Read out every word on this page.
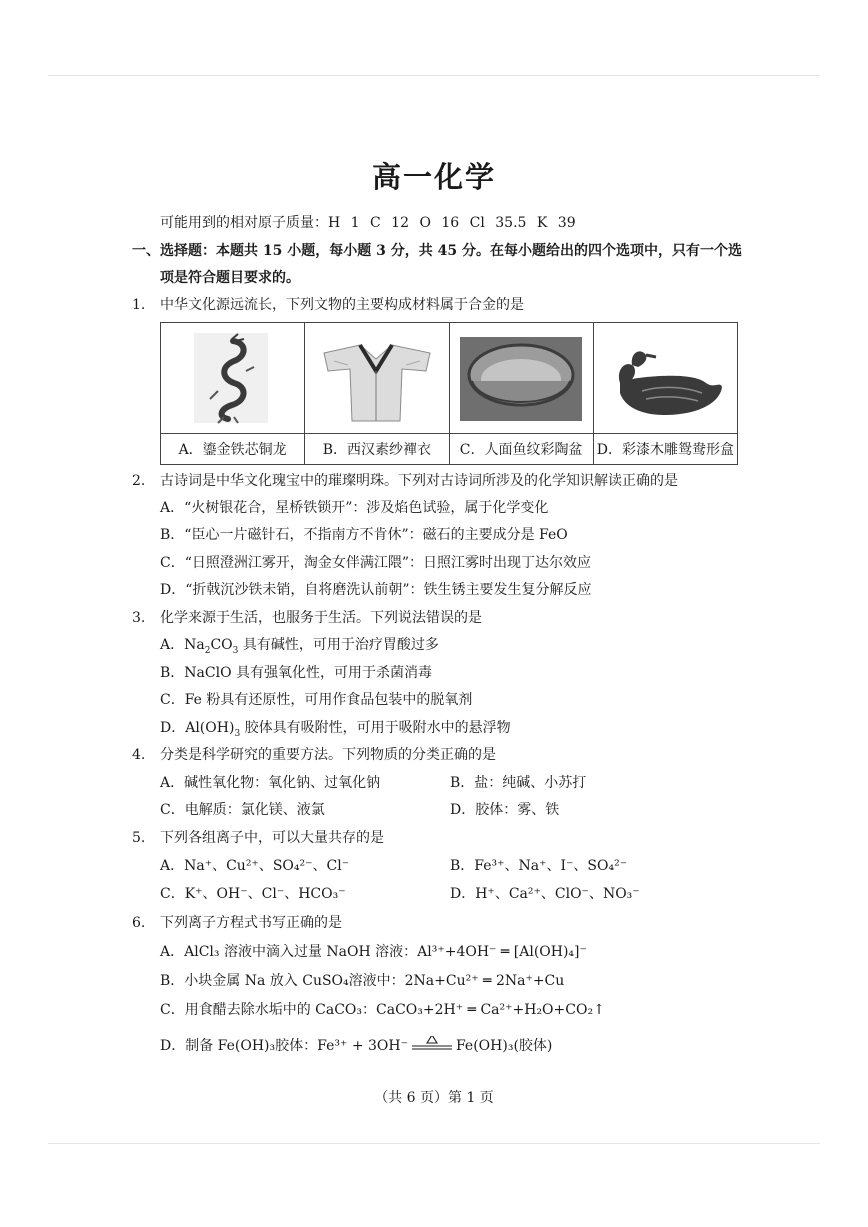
高一化学
可能用到的相对原子质量：H 1 C 12 O 16 Cl 35.5 K 39
一、选择题：本题共 15 小题，每小题 3 分，共 45 分。在每小题给出的四个选项中，只有一个选
项是符合题目要求的。
1. 中华文化源远流长，下列文物的主要构成材料属于合金的是

A．鎏金铁芯铜龙	B．西汉素纱襌衣	C．人面鱼纹彩陶盆	D．彩漆木雕鸳鸯形盒
2. 古诗词是中华文化瑰宝中的璀璨明珠。下列对古诗词所涉及的化学知识解读正确的是
A．“火树银花合，星桥铁锁开”：涉及焰色试验，属于化学变化
B．“臣心一片磁针石，不指南方不肯休”：磁石的主要成分是 FeO
C．“日照澄洲江雾开，淘金女伴满江隈”：日照江雾时出现丁达尔效应
D．“折戟沉沙铁未销，自将磨洗认前朝”：铁生锈主要发生复分解反应
3. 化学来源于生活，也服务于生活。下列说法错误的是
A．$Na_2CO_3$ 具有碱性，可用于治疗胃酸过多
B．NaClO 具有强氧化性，可用于杀菌消毒
C．Fe 粉具有还原性，可用作食品包装中的脱氧剂
D．$Al(OH)_3$ 胶体具有吸附性，可用于吸附水中的悬浮物
4. 分类是科学研究的重要方法。下列物质的分类正确的是
A．碱性氧化物：氧化钠、过氧化钠	B．盐：纯碱、小苏打
C．电解质：氯化镁、液氯	D．胶体：雾、铁
5. 下列各组离子中，可以大量共存的是
A．Na⁺、Cu²⁺、SO₄²⁻、Cl⁻	B．Fe³⁺、Na⁺、I⁻、SO₄²⁻
C．K⁺、OH⁻、Cl⁻、HCO₃⁻	D．H⁺、Ca²⁺、ClO⁻、NO₃⁻
6. 下列离子方程式书写正确的是
A．AlCl₃ 溶液中滴入过量 NaOH 溶液：Al³⁺+4OH⁻ ═ [Al(OH)₄]⁻
B．小块金属 Na 放入 CuSO₄溶液中：2Na+Cu²⁺ ═ 2Na⁺+Cu
C．用食醋去除水垢中的 CaCO₃：CaCO₃+2H⁺ ═ Ca²⁺+H₂O+CO₂↑
D．制备 Fe(OH)₃胶体：Fe³⁺ + 3OH⁻	Fe(OH)₃(胶体)
（共 6 页）第 1 页
